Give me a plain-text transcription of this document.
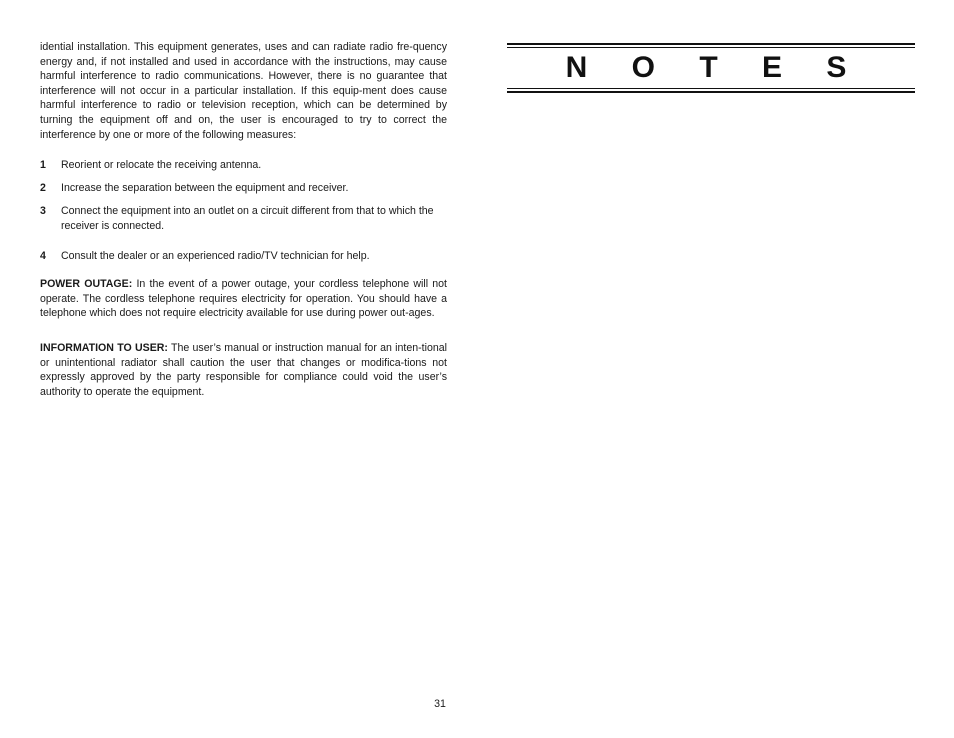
idential installation. This equipment generates, uses and can radiate radio fre-quency energy and, if not installed and used in accordance with the instructions, may cause harmful interference to radio communications. However, there is no guarantee that interference will not occur in a particular installation. If this equip-ment does cause harmful interference to radio or television reception, which can be determined by turning the equipment off and on, the user is encouraged to try to correct the interference by one or more of the following measures:

1	Reorient or relocate the receiving antenna.
2	Increase the separation between the equipment and receiver.
3	Connect the equipment into an outlet on a circuit different from that to which the receiver is connected.
4	Consult the dealer or an experienced radio/TV technician for help.

POWER OUTAGE: In the event of a power outage, your cordless telephone will not operate. The cordless telephone requires electricity for operation. You should have a telephone which does not require electricity available for use during power out-ages.

INFORMATION TO USER: The user’s manual or instruction manual for an inten-tional or unintentional radiator shall caution the user that changes or modifica-tions not expressly approved by the party responsible for compliance could void the user’s authority to operate the equipment.

31
N O T E S
